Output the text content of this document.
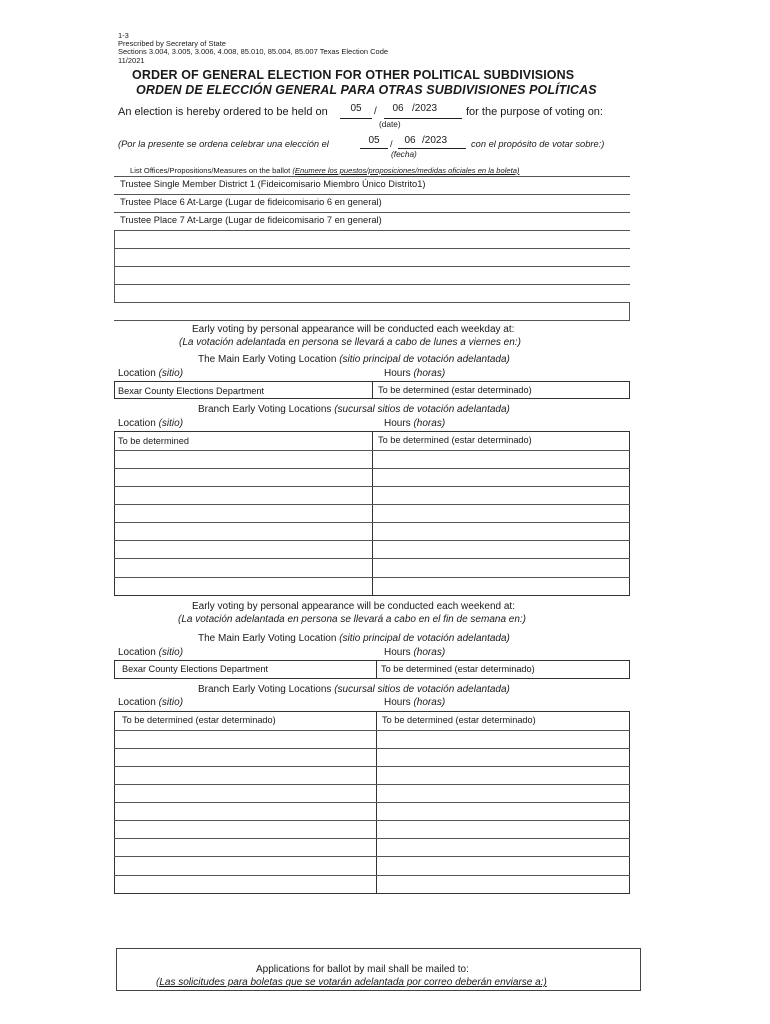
1-3
Prescribed by Secretary of State
Sections 3.004, 3.005, 3.006, 4.008, 85.010, 85.004, 85.007 Texas Election Code
11/2021
ORDER OF GENERAL ELECTION FOR OTHER POLITICAL SUBDIVISIONS
ORDEN DE ELECCIÓN GENERAL PARA OTRAS SUBDIVISIONES POLÍTICAS
An election is hereby ordered to be held on	05	/	06 /2023	for the purpose of voting on:
(date)
(Por la presente se ordena celebrar una elección el	05	/	06 /2023	con el propósito de votar sobre:)
(fecha)
List Offices/Propositions/Measures on the ballot (Enumere los puestos/proposiciones/medidas oficiales en la boleta)
Trustee Single Member District 1 (Fideicomisario Miembro Único Distrito1)
Trustee Place 6 At-Large (Lugar de fideicomisario 6 en general)
Trustee Place 7 At-Large (Lugar de fideicomisario 7 en general)
Early voting by personal appearance will be conducted each weekday at:
(La votación adelantada en persona se llevará a cabo de lunes a viernes en:)
The Main Early Voting Location (sitio principal de votación adelantada)
Location (sitio)	Hours (horas)
Bexar County Elections Department	To be determined (estar determinado)
Branch Early Voting Locations (sucursal sitios de votación adelantada)
Location (sitio)	Hours (horas)
To be determined	To be determined (estar determinado)
Early voting by personal appearance will be conducted each weekend at:
(La votación adelantada en persona se llevará a cabo en el fin de semana en:)
The Main Early Voting Location (sitio principal de votación adelantada)
Location (sitio)	Hours (horas)
Bexar County Elections Department	To be determined (estar determinado)
Branch Early Voting Locations (sucursal sitios de votación adelantada)
Location (sitio)	Hours (horas)
To be determined (estar determinado)	To be determined (estar determinado)
Applications for ballot by mail shall be mailed to:
(Las solicitudes para boletas que se votarán adelantada por correo deberán enviarse a:)
